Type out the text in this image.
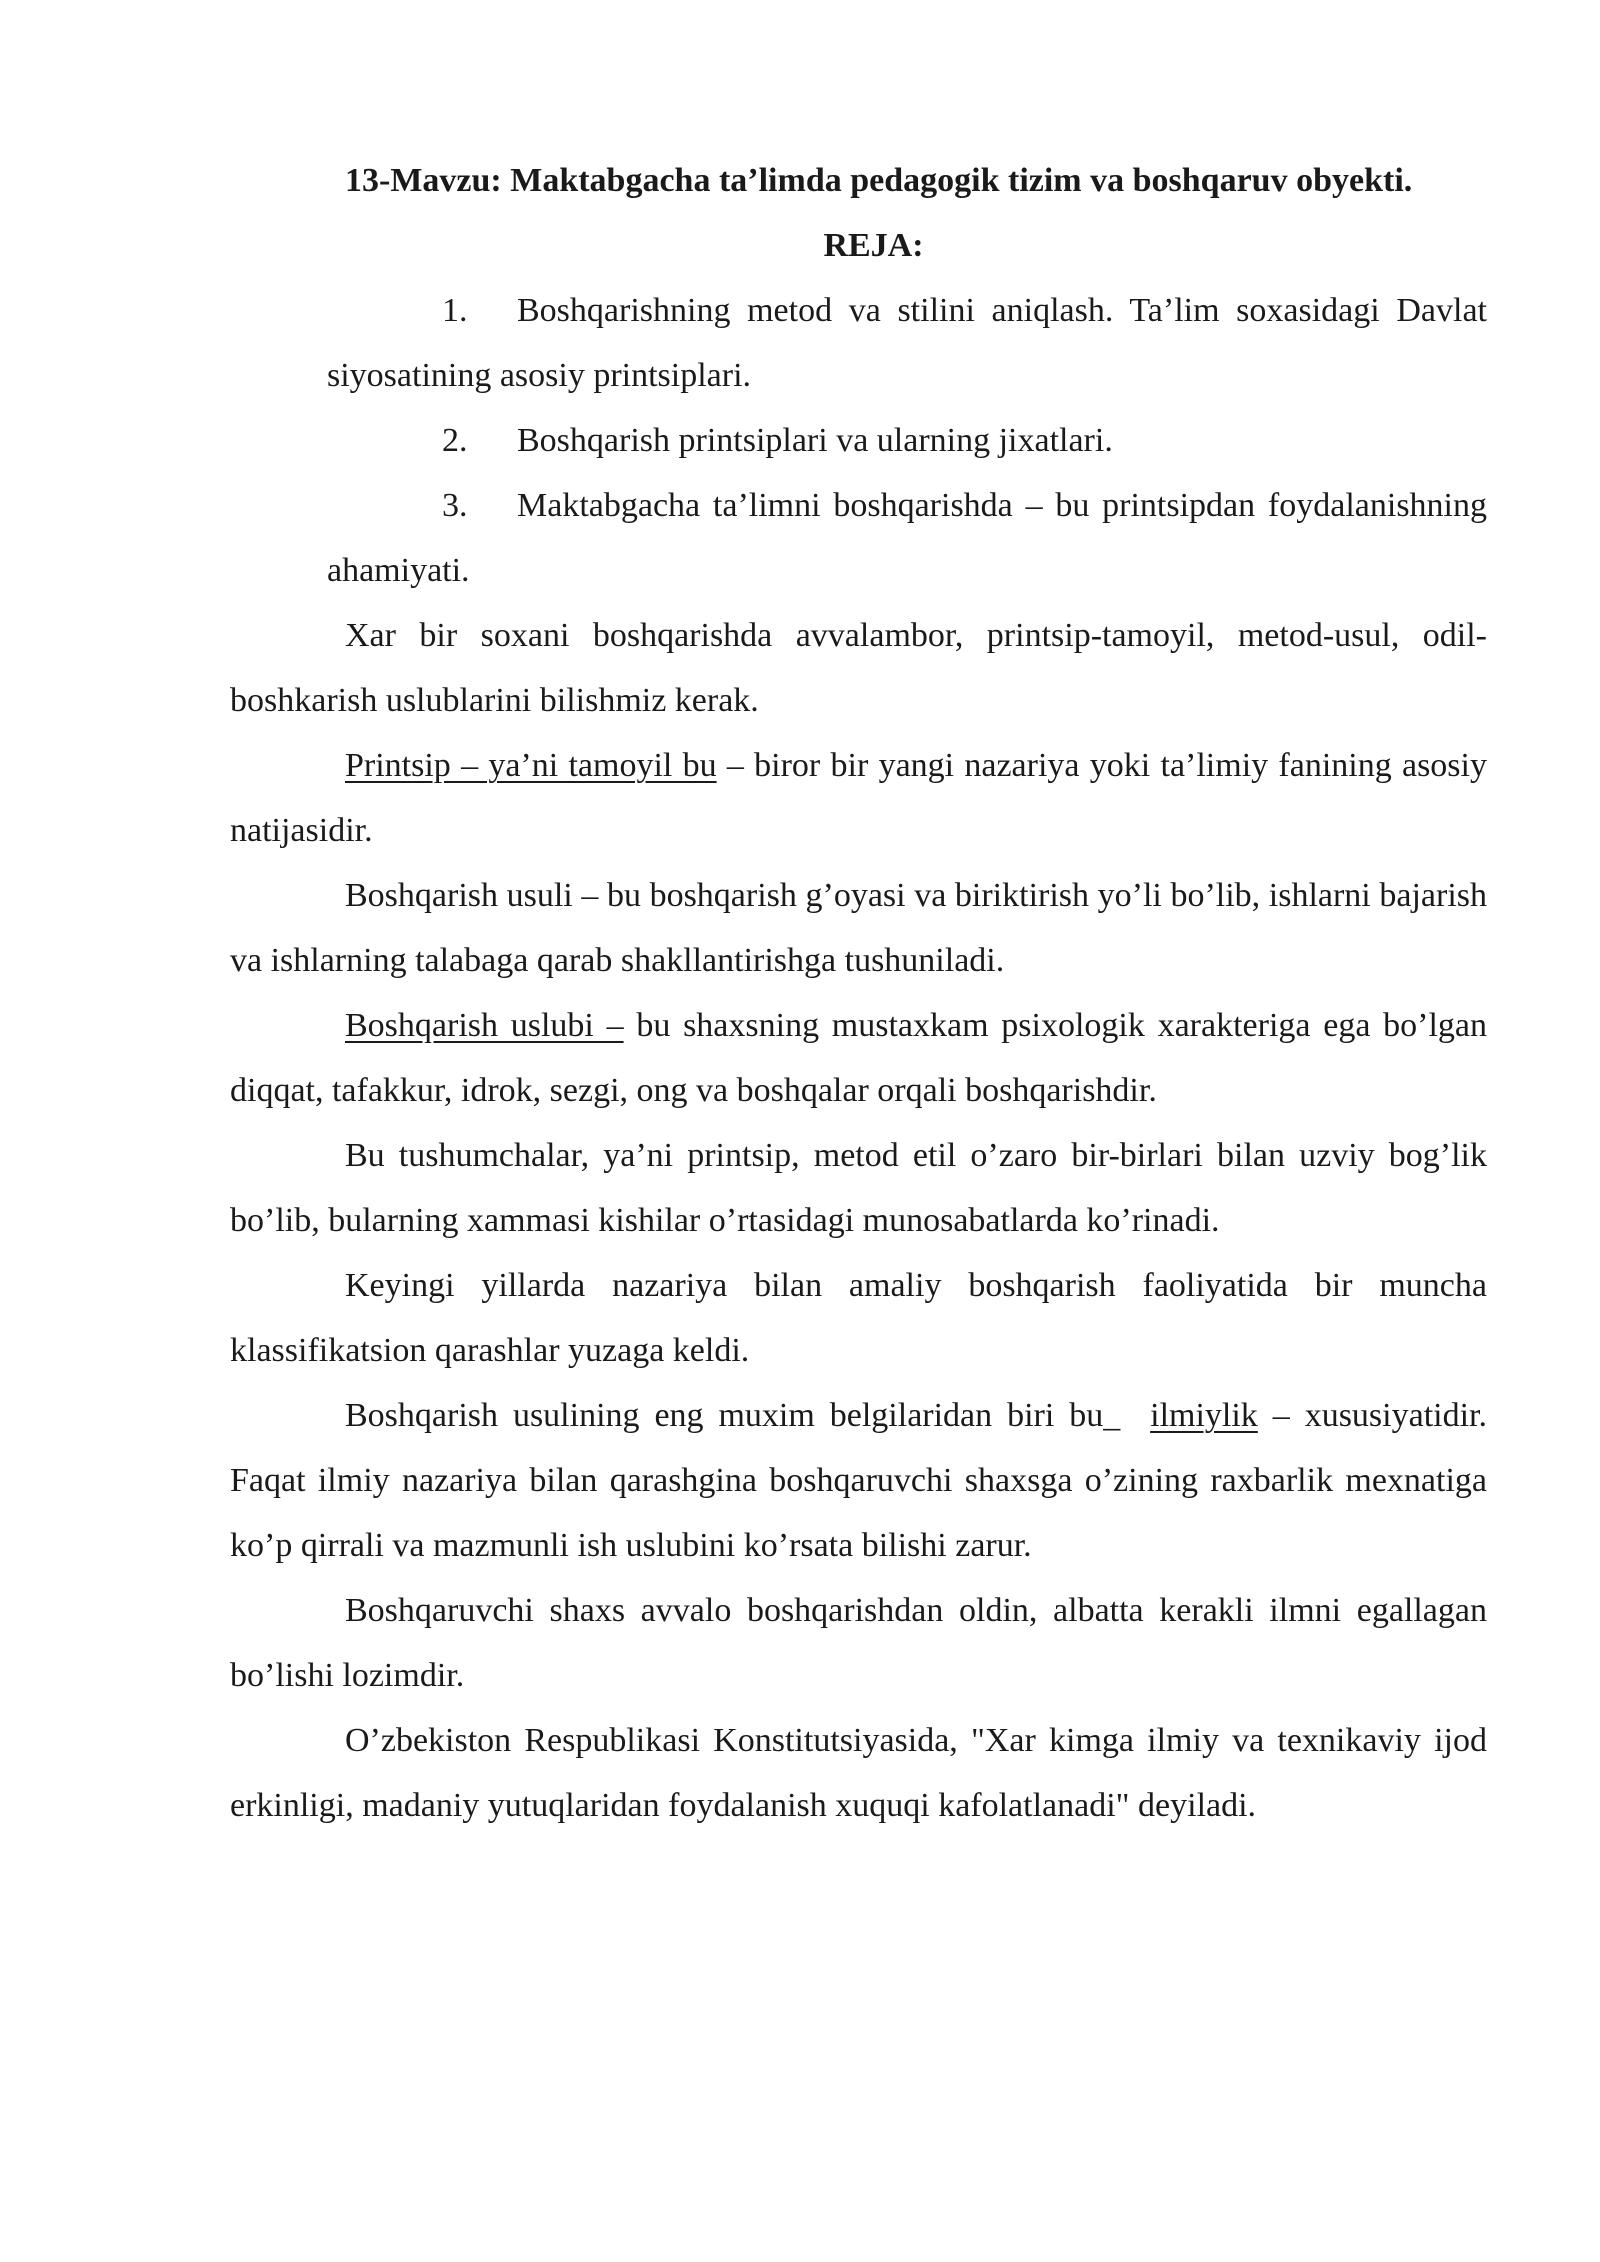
13-Mavzu: Maktabgacha ta’limda pedagogik tizim va boshqaruv obyekti.

REJA:

1. Boshqarishning metod va stilini aniqlash. Ta’lim soxasidagi Davlat siyosatining asosiy printsiplari.
2. Boshqarish printsiplari va ularning jixatlari.
3. Maktabgacha ta’limni boshqarishda – bu printsipdan foydalanishning ahamiyati.

Xar bir soxani boshqarishda avvalambor, printsip-tamoyil, metod-usul, odil-boshkarish uslublarini bilishmiz kerak.

Printsip – ya’ni tamoyil bu – biror bir yangi nazariya yoki ta’limiy fanining asosiy natijasidir.

Boshqarish usuli – bu boshqarish g’oyasi va biriktirish yo’li bo’lib, ishlarni bajarish va ishlarning talabaga qarab shakllantirishga tushuniladi.

Boshqarish uslubi – bu shaxsning mustaxkam psixologik xarakteriga ega bo’lgan diqqat, tafakkur, idrok, sezgi, ong va boshqalar orqali boshqarishdir.

Bu tushumchalar, ya’ni printsip, metod etil o’zaro bir-birlari bilan uzviy bog’lik bo’lib, bularning xammasi kishilar o’rtasidagi munosabatlarda ko’rinadi.

Keyingi yillarda nazariya bilan amaliy boshqarish faoliyatida bir muncha klassifikatsion qarashlar yuzaga keldi.

Boshqarish usulining eng muxim belgilaridan biri bu_  ilmiylik – xususiyatidir.  Faqat ilmiy nazariya bilan qarashgina boshqaruvchi shaxsga o’zining raxbarlik mexnatiga ko’p qirrali va mazmunli ish uslubini ko’rsata bilishi zarur.

Boshqaruvchi shaxs avvalo boshqarishdan oldin, albatta kerakli ilmni egallagan bo’lishi lozimdir.

O’zbekiston Respublikasi Konstitutsiyasida, "Xar kimga ilmiy va texnikaviy ijod erkinligi, madaniy yutuqlaridan foydalanish xuquqi kafolatlanadi" deyiladi.
